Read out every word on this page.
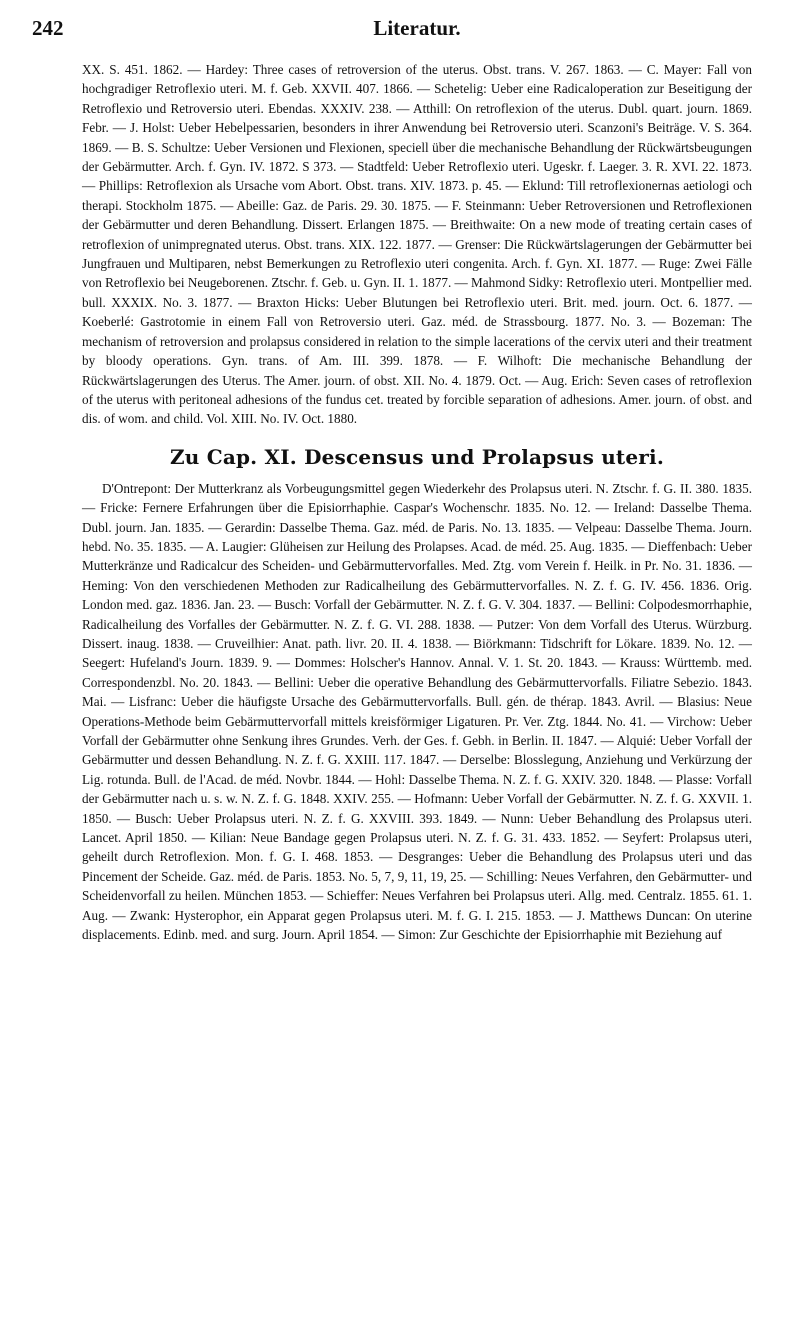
242	Literatur.

XX. S. 451. 1862. — Hardey: Three cases of retroversion of the uterus. Obst. trans. V. 267. 1863. — C. Mayer: Fall von hochgradiger Retroflexio uteri. M. f. Geb. XXVII. 407. 1866. — Schetelig: Ueber eine Radicaloperation zur Beseitigung der Retroflexio und Retroversio uteri. Ebendas. XXXIV. 238. — Atthill: On retroflexion of the uterus. Dubl. quart. journ. 1869. Febr. — J. Holst: Ueber Hebelpessarien, besonders in ihrer Anwendung bei Retroversio uteri. Scanzoni's Beiträge. V. S. 364. 1869. — B. S. Schultze: Ueber Versionen und Flexionen, speciell über die mechanische Behandlung der Rückwärtsbeugungen der Gebärmutter. Arch. f. Gyn. IV. 1872. S 373. — Stadtfeld: Ueber Retroflexio uteri. Ugeskr. f. Laeger. 3. R. XVI. 22. 1873. — Phillips: Retroflexion als Ursache vom Abort. Obst. trans. XIV. 1873. p. 45. — Eklund: Till retroflexionernas aetiologi och therapi. Stockholm 1875. — Abeille: Gaz. de Paris. 29. 30. 1875. — F. Steinmann: Ueber Retroversionen und Retroflexionen der Gebärmutter und deren Behandlung. Dissert. Erlangen 1875. — Breithwaite: On a new mode of treating certain cases of retroflexion of unimpregnated uterus. Obst. trans. XIX. 122. 1877. — Grenser: Die Rückwärtslagerungen der Gebärmutter bei Jungfrauen und Multiparen, nebst Bemerkungen zu Retroflexio uteri congenita. Arch. f. Gyn. XI. 1877. — Ruge: Zwei Fälle von Retroflexio bei Neugeborenen. Ztschr. f. Geb. u. Gyn. II. 1. 1877. — Mahmond Sidky: Retroflexio uteri. Montpellier med. bull. XXXIX. No. 3. 1877. — Braxton Hicks: Ueber Blutungen bei Retroflexio uteri. Brit. med. journ. Oct. 6. 1877. — Koeberlé: Gastrotomie in einem Fall von Retroversio uteri. Gaz. méd. de Strassbourg. 1877. No. 3. — Bozeman: The mechanism of retroversion and prolapsus considered in relation to the simple lacerations of the cervix uteri and their treatment by bloody operations. Gyn. trans. of Am. III. 399. 1878. — F. Wilhoft: Die mechanische Behandlung der Rückwärtslagerungen des Uterus. The Amer. journ. of obst. XII. No. 4. 1879. Oct. — Aug. Erich: Seven cases of retroflexion of the uterus with peritoneal adhesions of the fundus cet. treated by forcible separation of adhesions. Amer. journ. of obst. and dis. of wom. and child. Vol. XIII. No. IV. Oct. 1880.

Zu Cap. XI. Descensus und Prolapsus uteri.

D'Ontrepont: Der Mutterkranz als Vorbeugungsmittel gegen Wiederkehr des Prolapsus uteri. N. Ztschr. f. G. II. 380. 1835. — Fricke: Fernere Erfahrungen über die Episiorrhaphie. Caspar's Wochenschr. 1835. No. 12. — Ireland: Dasselbe Thema. Dubl. journ. Jan. 1835. — Gerardin: Dasselbe Thema. Gaz. méd. de Paris. No. 13. 1835. — Velpeau: Dasselbe Thema. Journ. hebd. No. 35. 1835. — A. Laugier: Glüheisen zur Heilung des Prolapses. Acad. de méd. 25. Aug. 1835. — Dieffenbach: Ueber Mutterkränze und Radicalcur des Scheiden- und Gebärmuttervorfalles. Med. Ztg. vom Verein f. Heilk. in Pr. No. 31. 1836. — Heming: Von den verschiedenen Methoden zur Radicalheilung des Gebärmuttervorfalles. N. Z. f. G. IV. 456. 1836. Orig. London med. gaz. 1836. Jan. 23. — Busch: Vorfall der Gebärmutter. N. Z. f. G. V. 304. 1837. — Bellini: Colpodesmorrhaphie, Radicalheilung des Vorfalles der Gebärmutter. N. Z. f. G. VI. 288. 1838. — Putzer: Von dem Vorfall des Uterus. Würzburg. Dissert. inaug. 1838. — Cruveilhier: Anat. path. livr. 20. II. 4. 1838. — Biörkmann: Tidschrift for Lökare. 1839. No. 12. — Seegert: Hufeland's Journ. 1839. 9. — Dommes: Holscher's Hannov. Annal. V. 1. St. 20. 1843. — Krauss: Württemb. med. Correspondenzbl. No. 20. 1843. — Bellini: Ueber die operative Behandlung des Gebärmuttervorfalls. Filiatre Sebezio. 1843. Mai. — Lisfranc: Ueber die häufigste Ursache des Gebärmuttervorfalls. Bull. gén. de thérap. 1843. Avril. — Blasius: Neue Operations-Methode beim Gebärmuttervorfall mittels kreisförmiger Ligaturen. Pr. Ver. Ztg. 1844. No. 41. — Virchow: Ueber Vorfall der Gebärmutter ohne Senkung ihres Grundes. Verh. der Ges. f. Gebh. in Berlin. II. 1847. — Alquié: Ueber Vorfall der Gebärmutter und dessen Behandlung. N. Z. f. G. XXIII. 117. 1847. — Derselbe: Blosslegung, Anziehung und Verkürzung der Lig. rotunda. Bull. de l'Acad. de méd. Novbr. 1844. — Hohl: Dasselbe Thema. N. Z. f. G. XXIV. 320. 1848. — Plasse: Vorfall der Gebärmutter nach u. s. w. N. Z. f. G. 1848. XXIV. 255. — Hofmann: Ueber Vorfall der Gebärmutter. N. Z. f. G. XXVII. 1. 1850. — Busch: Ueber Prolapsus uteri. N. Z. f. G. XXVIII. 393. 1849. — Nunn: Ueber Behandlung des Prolapsus uteri. Lancet. April 1850. — Kilian: Neue Bandage gegen Prolapsus uteri. N. Z. f. G. 31. 433. 1852. — Seyfert: Prolapsus uteri, geheilt durch Retroflexion. Mon. f. G. I. 468. 1853. — Desgranges: Ueber die Behandlung des Prolapsus uteri und das Pincement der Scheide. Gaz. méd. de Paris. 1853. No. 5, 7, 9, 11, 19, 25. — Schilling: Neues Verfahren, den Gebärmutter- und Scheidenvorfall zu heilen. München 1853. — Schieffer: Neues Verfahren bei Prolapsus uteri. Allg. med. Centralz. 1855. 61. 1. Aug. — Zwank: Hysterophor, ein Apparat gegen Prolapsus uteri. M. f. G. I. 215. 1853. — J. Matthews Duncan: On uterine displacements. Edinb. med. and surg. Journ. April 1854. — Simon: Zur Geschichte der Episiorrhaphie mit Beziehung auf
